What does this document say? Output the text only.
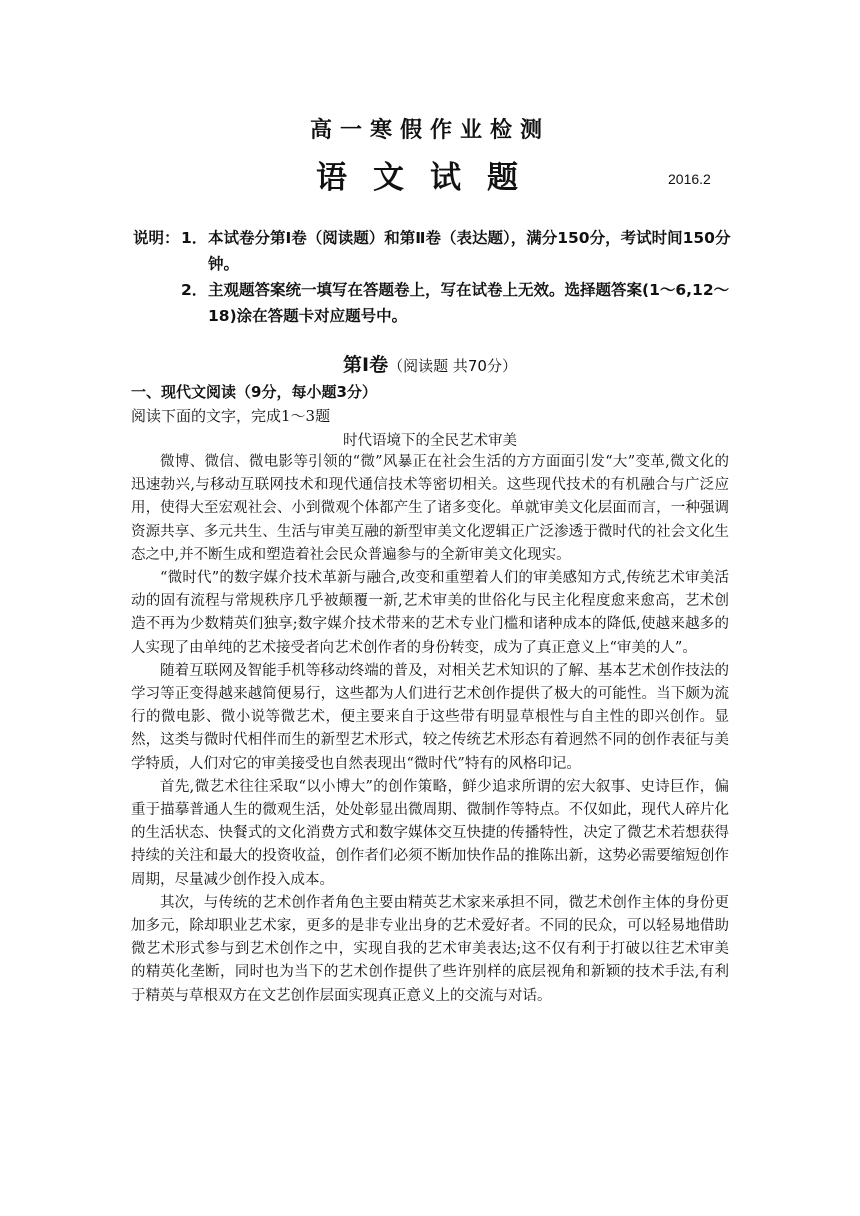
高一寒假作业检测
语文试题	2016.2
说明： 1． 本试卷分第Ⅰ卷（阅读题）和第Ⅱ卷（表达题），满分150分，考试时间150分钟。
2． 主观题答案统一填写在答题卷上，写在试卷上无效。选择题答案(1～6,12～18)涂在答题卡对应题号中。
第Ⅰ卷（阅读题 共70分）
一、现代文阅读（9分，每小题3分）
阅读下面的文字，完成1～3题
时代语境下的全民艺术审美

微博、微信、微电影等引领的“微”风暴正在社会生活的方方面面引发“大”变革,微文化的迅速勃兴,与移动互联网技术和现代通信技术等密切相关。这些现代技术的有机融合与广泛应用，使得大至宏观社会、小到微观个体都产生了诸多变化。单就审美文化层面而言，一种强调资源共享、多元共生、生活与审美互融的新型审美文化逻辑正广泛渗透于微时代的社会文化生态之中,并不断生成和塑造着社会民众普遍参与的全新审美文化现实。

“微时代”的数字媒介技术革新与融合,改变和重塑着人们的审美感知方式,传统艺术审美活动的固有流程与常规秩序几乎被颠覆一新,艺术审美的世俗化与民主化程度愈来愈高，艺术创造不再为少数精英们独享;数字媒介技术带来的艺术专业门槛和诸种成本的降低,使越来越多的人实现了由单纯的艺术接受者向艺术创作者的身份转变，成为了真正意义上“审美的人”。

随着互联网及智能手机等移动终端的普及，对相关艺术知识的了解、基本艺术创作技法的学习等正变得越来越简便易行，这些都为人们进行艺术创作提供了极大的可能性。当下颇为流行的微电影、微小说等微艺术，便主要来自于这些带有明显草根性与自主性的即兴创作。显然，这类与微时代相伴而生的新型艺术形式，较之传统艺术形态有着迥然不同的创作表征与美学特质，人们对它的审美接受也自然表现出“微时代”特有的风格印记。

首先,微艺术往往采取“以小博大”的创作策略，鲜少追求所谓的宏大叙事、史诗巨作，偏重于描摹普通人生的微观生活，处处彰显出微周期、微制作等特点。不仅如此，现代人碎片化的生活状态、快餐式的文化消费方式和数字媒体交互快捷的传播特性，决定了微艺术若想获得持续的关注和最大的投资收益，创作者们必须不断加快作品的推陈出新，这势必需要缩短创作周期，尽量减少创作投入成本。

其次，与传统的艺术创作者角色主要由精英艺术家来承担不同，微艺术创作主体的身份更加多元，除却职业艺术家，更多的是非专业出身的艺术爱好者。不同的民众，可以轻易地借助微艺术形式参与到艺术创作之中，实现自我的艺术审美表达;这不仅有利于打破以往艺术审美的精英化垄断，同时也为当下的艺术创作提供了些许别样的底层视角和新颖的技术手法,有利于精英与草根双方在文艺创作层面实现真正意义上的交流与对话。
